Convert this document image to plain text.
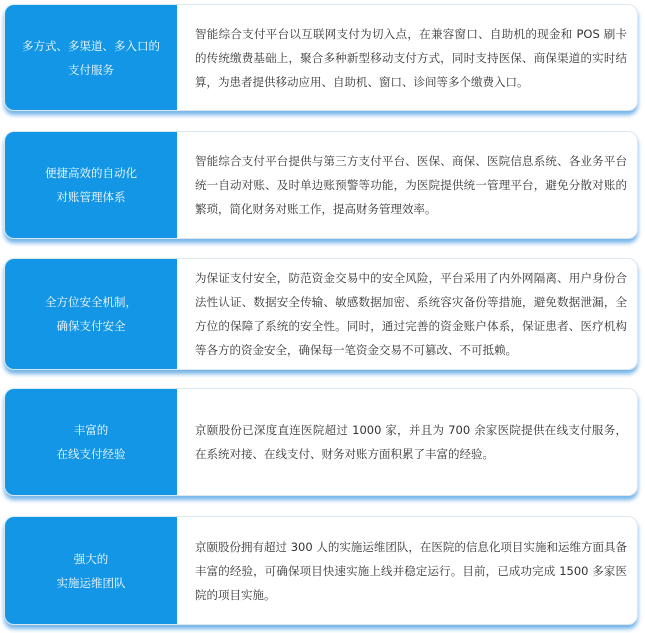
多方式、多渠道、多入口的
支付服务
智能综合支付平台以互联网支付为切入点，在兼容窗口、自助机的现金和 POS 刷卡的传统缴费基础上，聚合多种新型移动支付方式，同时支持医保、商保渠道的实时结算，为患者提供移动应用、自助机、窗口、诊间等多个缴费入口。
便捷高效的自动化
对账管理体系
智能综合支付平台提供与第三方支付平台、医保、商保、医院信息系统、各业务平台统一自动对账、及时单边账预警等功能，为医院提供统一管理平台，避免分散对账的繁琐，简化财务对账工作，提高财务管理效率。
全方位安全机制，
确保支付安全
为保证支付安全，防范资金交易中的安全风险，平台采用了内外网隔离、用户身份合法性认证、数据安全传输、敏感数据加密、系统容灾备份等措施，避免数据泄漏，全方位的保障了系统的安全性。同时，通过完善的资金账户体系，保证患者、医疗机构等各方的资金安全，确保每一笔资金交易不可篡改、不可抵赖。
丰富的
在线支付经验
京颐股份已深度直连医院超过 1000 家，并且为 700 余家医院提供在线支付服务，在系统对接、在线支付、财务对账方面积累了丰富的经验。
强大的
实施运维团队
京颐股份拥有超过 300 人的实施运维团队，在医院的信息化项目实施和运维方面具备丰富的经验，可确保项目快速实施上线并稳定运行。目前，已成功完成 1500 多家医院的项目实施。
